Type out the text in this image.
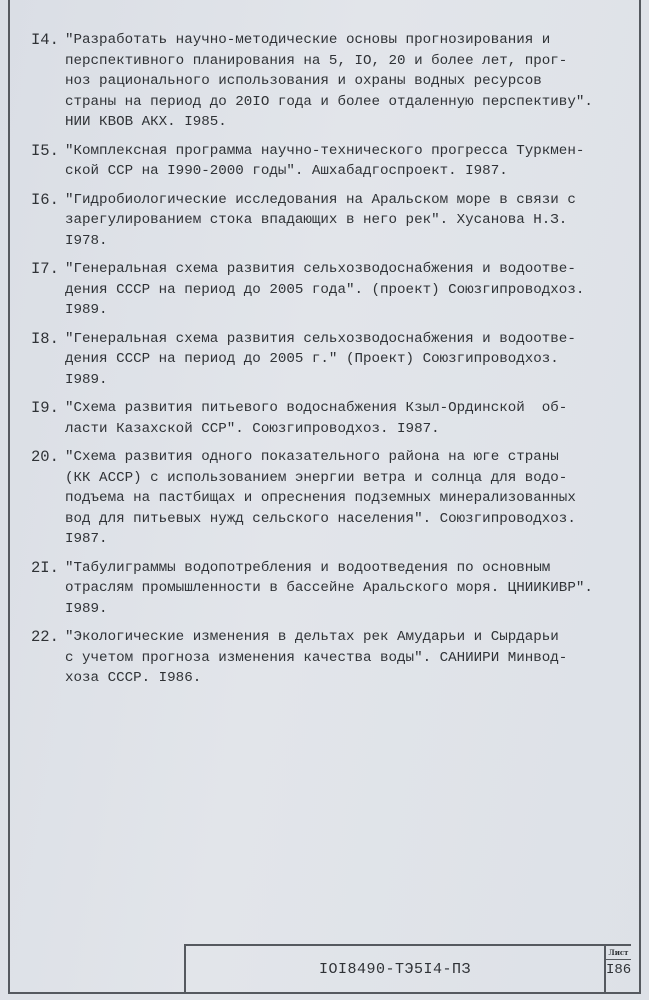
I4. "Разработать научно-методические основы прогнозирования и
перспективного планирования на 5, IO, 20 и более лет, прог-
ноз рационального использования и охраны водных ресурсов
страны на период до 20IO года и более отдаленную перспективу".
НИИ КВОВ АКХ. I985.
I5. "Комплексная программа научно-технического прогресса Туркмен-
ской ССР на I990-2000 годы". Ашхабадгоспроект. I987.
I6. "Гидробиологические исследования на Аральском море в связи с
зарегулированием стока впадающих в него рек". Хусанова Н.З.
I978.
I7. "Генеральная схема развития сельхозводоснабжения и водоотве-
дения СССР на период до 2005 года". (проект) Союзгипроводхоз.
I989.
I8. "Генеральная схема развития сельхозводоснабжения и водоотве-
дения СССР на период до 2005 г." (Проект) Союзгипроводхоз.
I989.
I9. "Схема развития питьевого водоснабжения Кзыл-Ординской  об-
ласти Казахской ССР". Союзгипроводхоз. I987.
20. "Схема развития одного показательного района на юге страны
(КК АССР) с использованием энергии ветра и солнца для водо-
подъема на пастбищах и опреснения подземных минерализованных
вод для питьевых нужд сельского населения". Союзгипроводхоз.
I987.
2I. "Табулиграммы водопотребления и водоотведения по основным
отраслям промышленности в бассейне Аральского моря. ЦНИИКИВР".
I989.
22. "Экологические изменения в дельтах рек Амударьи и Сырдарьи
с учетом прогноза изменения качества воды". САНИИРИ Минвод-
хоза СССР. I986.
IOI8490-ТЭ5I4-ПЗ
Лист
I86
